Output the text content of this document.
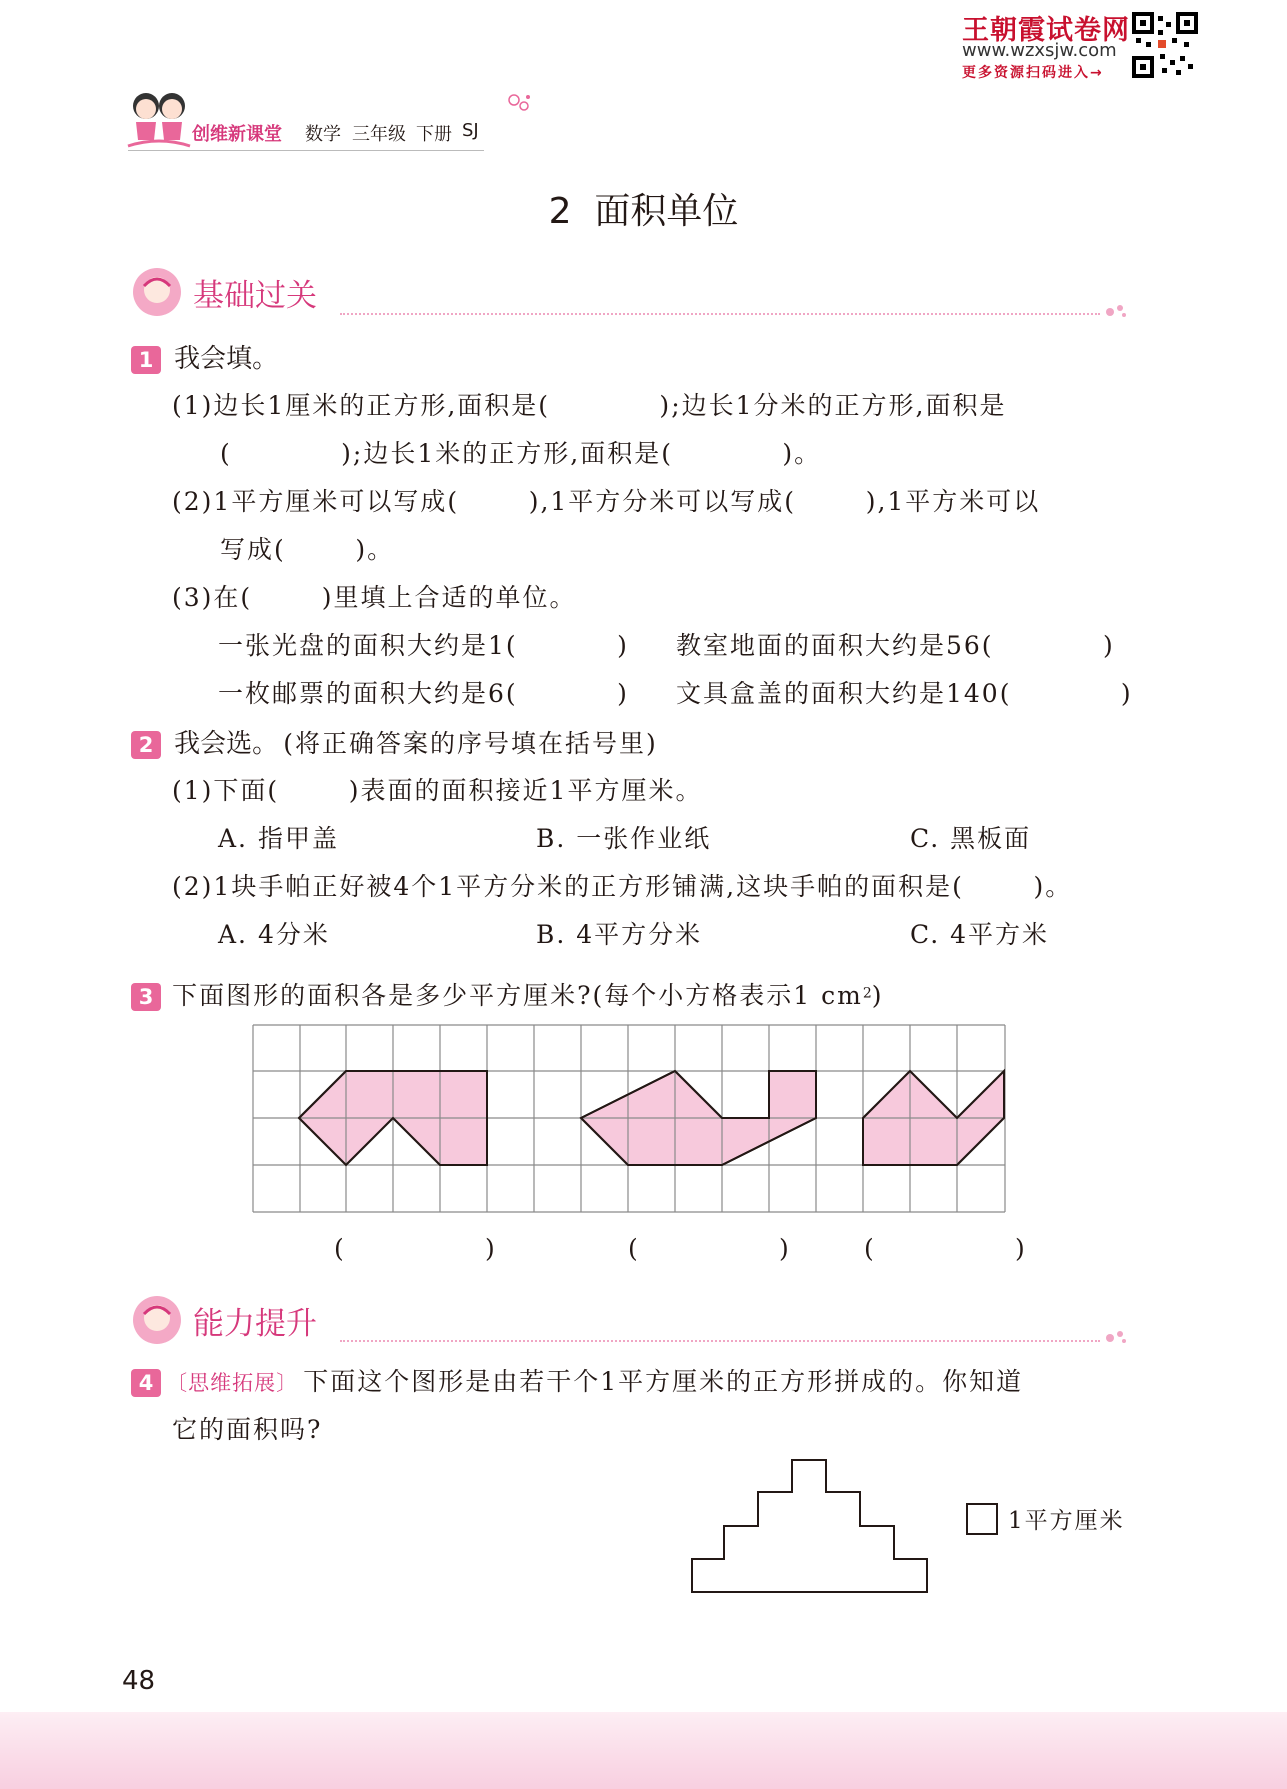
王朝霞试卷网
www.wzxsjw.com
更多资源扫码进入→
创维新课堂 数学 三年级 下册 SJ
2  面积单位
基础过关
1 我会填。
(1)边长1厘米的正方形,面积是(           );边长1分米的正方形,面积是
(           );边长1米的正方形,面积是(           )。
(2)1平方厘米可以写成(       ),1平方分米可以写成(       ),1平方米可以
写成(       )。
(3)在(       )里填上合适的单位。
一张光盘的面积大约是1(          ) 教室地面的面积大约是56(           )
一枚邮票的面积大约是6(          ) 文具盒盖的面积大约是140(           )
2 我会选。 (将正确答案的序号填在括号里)
(1)下面(       )表面的面积接近1平方厘米。
A. 指甲盖	B. 一张作业纸	C. 黑板面
(2)1块手帕正好被4个1平方分米的正方形铺满,这块手帕的面积是(       )。
A. 4分米	B. 4平方分米	C. 4平方米
3 下面图形的面积各是多少平方厘米?(每个小方格表示1 $cm^2$)
(              )	(              )	(              )
能力提升
4 〔思维拓展〕 下面这个图形是由若干个1平方厘米的正方形拼成的。你知道
它的面积吗?
1平方厘米
48
